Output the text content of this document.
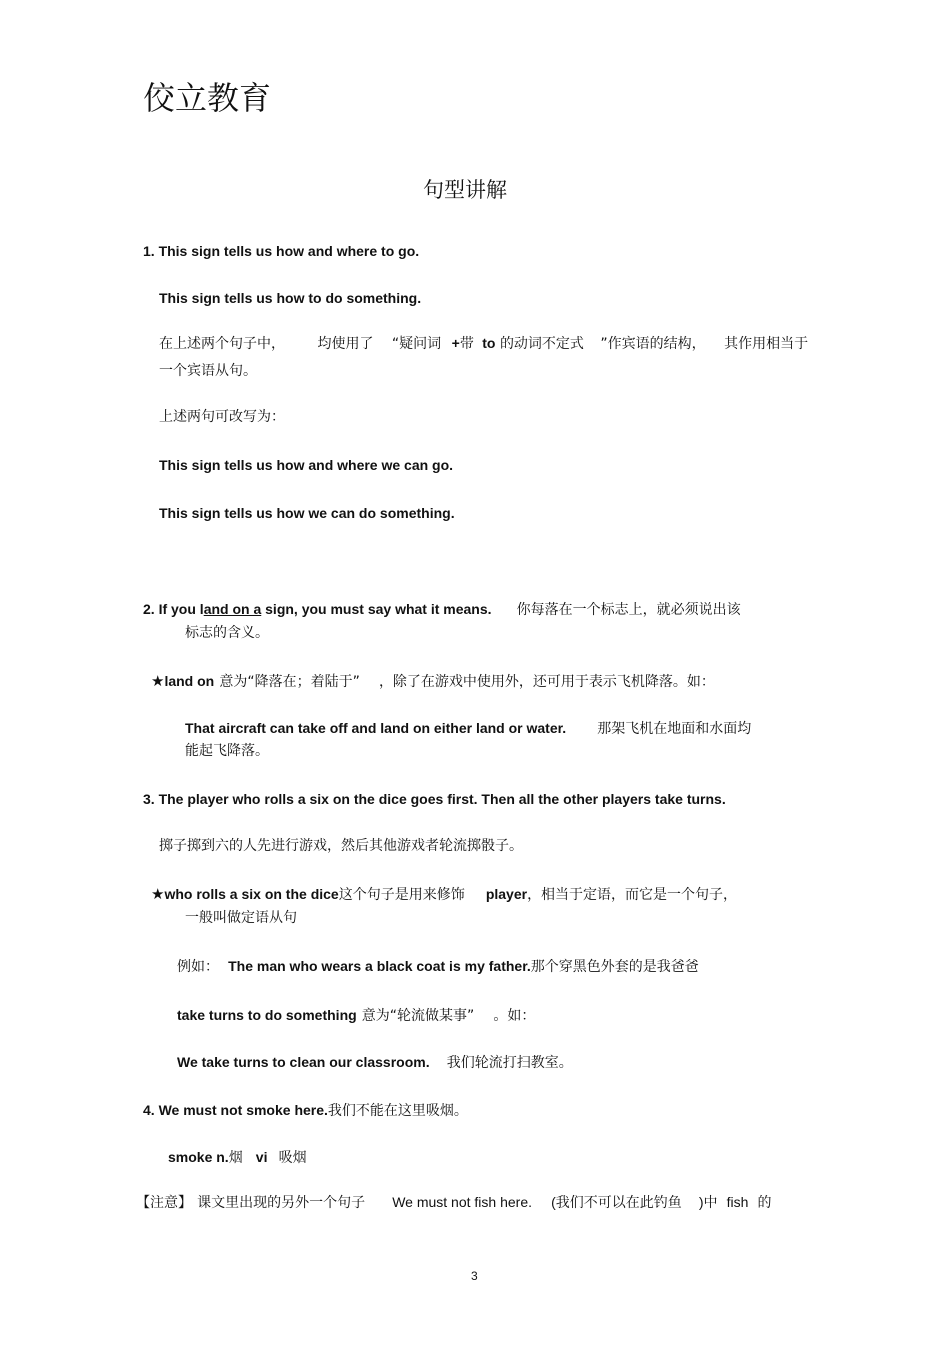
佼立教育
句型讲解
1. This sign tells us how and where to go.
This sign tells us how to do something.
在上述两个句子中， 均使用了 “疑问词 +带 to 的动词不定式 ”作宾语的结构， 其作用相当于
一个宾语从句。
上述两句可改写为：
This sign tells us how and where we can go.
This sign tells us how we can do something.
2. If you land on a sign, you must say what it means. 你每落在一个标志上，就必须说出该
标志的含义。
★land on 意为“降落在；着陆于” ，除了在游戏中使用外，还可用于表示飞机降落。如：
That aircraft can take off and land on either land or water. 那架飞机在地面和水面均
能起飞降落。
3. The player who rolls a six on the dice goes first. Then all the other players take turns.
掷子掷到六的人先进行游戏，然后其他游戏者轮流掷骰子。
★who rolls a six on the dice这个句子是用来修饰 player，相当于定语，而它是一个句子，
一般叫做定语从句
例如： The man who wears a black coat is my father.那个穿黑色外套的是我爸爸
take turns to do something 意为“轮流做某事” 。如：
We take turns to clean our classroom. 我们轮流打扫教室。
4. We must not smoke here.我们不能在这里吸烟。
smoke n.烟 vi 吸烟
【注意】 课文里出现的另外一个句子 We must not fish here. (我们不可以在此钓鱼 )中 fish 的
3
